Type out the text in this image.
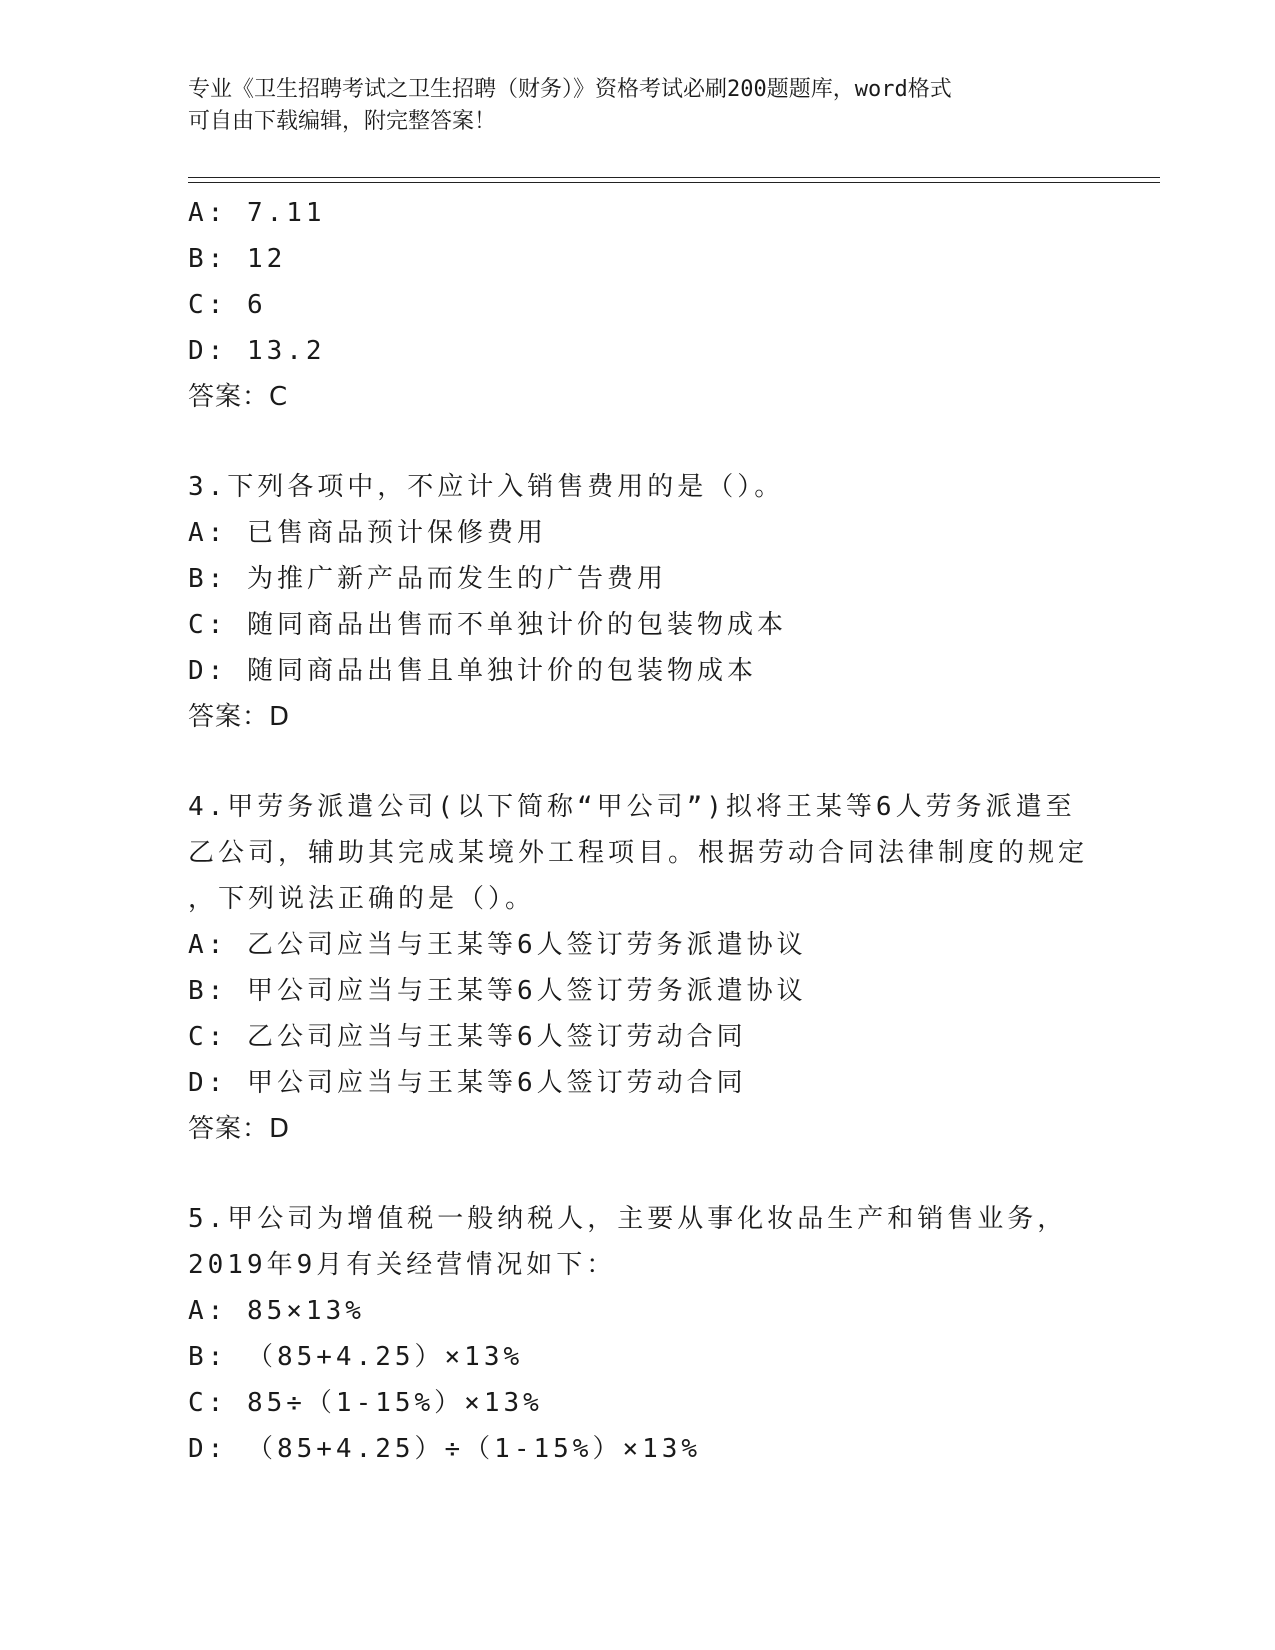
专业《卫生招聘考试之卫生招聘（财务）》资格考试必刷200题题库，word格式
可自由下载编辑，附完整答案！
A: 7.11
B: 12
C: 6
D: 13.2
答案：C
3.下列各项中，不应计入销售费用的是（）。
A: 已售商品预计保修费用
B: 为推广新产品而发生的广告费用
C: 随同商品出售而不单独计价的包装物成本
D: 随同商品出售且单独计价的包装物成本
答案：D
4.甲劳务派遣公司(以下简称“甲公司”)拟将王某等6人劳务派遣至
乙公司，辅助其完成某境外工程项目。根据劳动合同法律制度的规定
，下列说法正确的是（）。
A: 乙公司应当与王某等6人签订劳务派遣协议
B: 甲公司应当与王某等6人签订劳务派遣协议
C: 乙公司应当与王某等6人签订劳动合同
D: 甲公司应当与王某等6人签订劳动合同
答案：D
5.甲公司为增值税一般纳税人，主要从事化妆品生产和销售业务，
2019年9月有关经营情况如下：
A: 85×13%
B: （85+4.25）×13%
C: 85÷（1-15%）×13%
D: （85+4.25）÷（1-15%）×13%
